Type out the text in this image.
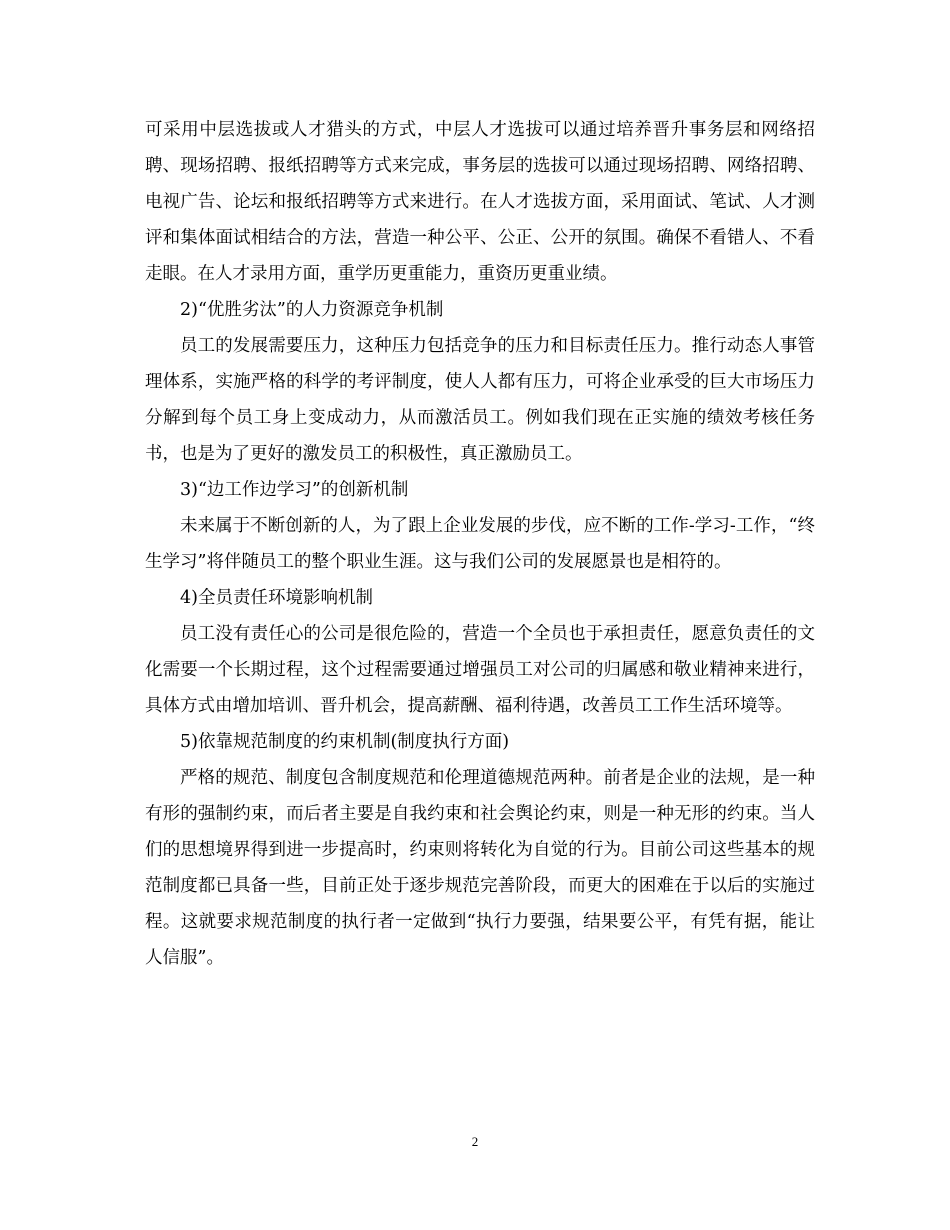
可采用中层选拔或人才猎头的方式，中层人才选拔可以通过培养晋升事务层和网络招聘、现场招聘、报纸招聘等方式来完成，事务层的选拔可以通过现场招聘、网络招聘、电视广告、论坛和报纸招聘等方式来进行。在人才选拔方面，采用面试、笔试、人才测评和集体面试相结合的方法，营造一种公平、公正、公开的氛围。确保不看错人、不看走眼。在人才录用方面，重学历更重能力，重资历更重业绩。

2)“优胜劣汰”的人力资源竞争机制

员工的发展需要压力，这种压力包括竞争的压力和目标责任压力。推行动态人事管理体系，实施严格的科学的考评制度，使人人都有压力，可将企业承受的巨大市场压力分解到每个员工身上变成动力，从而激活员工。例如我们现在正实施的绩效考核任务书，也是为了更好的激发员工的积极性，真正激励员工。

3)“边工作边学习”的创新机制

未来属于不断创新的人，为了跟上企业发展的步伐，应不断的工作-学习-工作，“终生学习”将伴随员工的整个职业生涯。这与我们公司的发展愿景也是相符的。

4)全员责任环境影响机制

员工没有责任心的公司是很危险的，营造一个全员也于承担责任，愿意负责任的文化需要一个长期过程，这个过程需要通过增强员工对公司的归属感和敬业精神来进行，具体方式由增加培训、晋升机会，提高薪酬、福利待遇，改善员工工作生活环境等。

5)依靠规范制度的约束机制(制度执行方面)

严格的规范、制度包含制度规范和伦理道德规范两种。前者是企业的法规，是一种有形的强制约束，而后者主要是自我约束和社会舆论约束，则是一种无形的约束。当人们的思想境界得到进一步提高时，约束则将转化为自觉的行为。目前公司这些基本的规范制度都已具备一些，目前正处于逐步规范完善阶段，而更大的困难在于以后的实施过程。这就要求规范制度的执行者一定做到“执行力要强，结果要公平，有凭有据，能让人信服”。

2
